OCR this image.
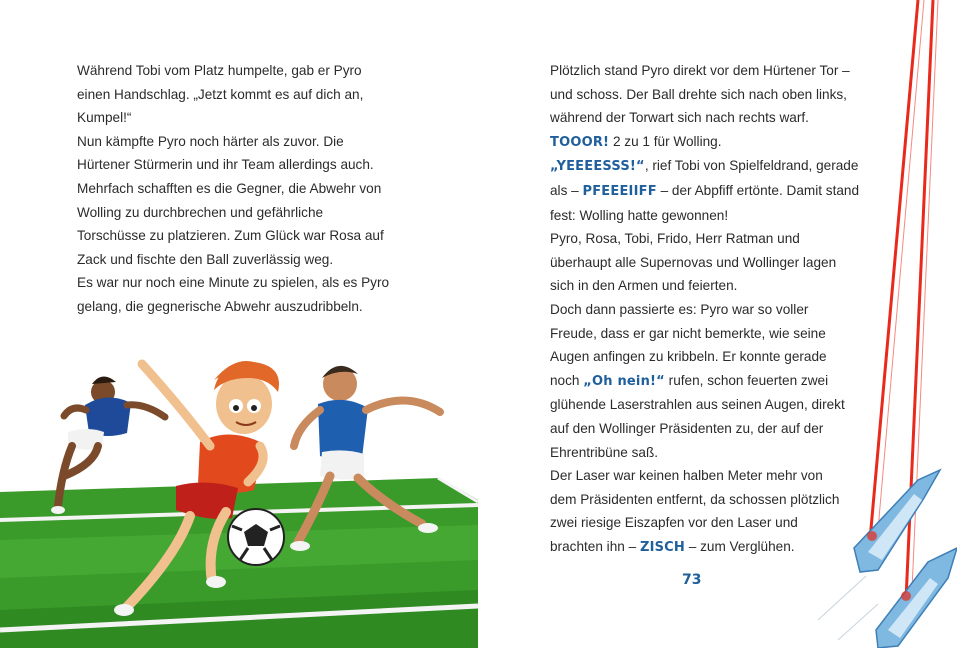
Während Tobi vom Platz humpelte, gab er Pyro
einen Handschlag. „Jetzt kommt es auf dich an,
Kumpel!“
Nun kämpfte Pyro noch härter als zuvor. Die
Hürtener Stürmerin und ihr Team allerdings auch.
Mehrfach schafften es die Gegner, die Abwehr von
Wolling zu durchbrechen und gefährliche
Torschüsse zu platzieren. Zum Glück war Rosa auf
Zack und fischte den Ball zuverlässig weg.
Es war nur noch eine Minute zu spielen, als es Pyro
gelang, die gegnerische Abwehr auszudribbeln.
Plötzlich stand Pyro direkt vor dem Hürtener Tor –
und schoss. Der Ball drehte sich nach oben links,
während der Torwart sich nach rechts warf.
TOOOR! 2 zu 1 für Wolling.
„YEEEESSS!“, rief Tobi von Spielfeldrand, gerade
als – PFEEEIIFF – der Abpfiff ertönte. Damit stand
fest: Wolling hatte gewonnen!
Pyro, Rosa, Tobi, Frido, Herr Ratman und
überhaupt alle Supernovas und Wollinger lagen
sich in den Armen und feierten.
Doch dann passierte es: Pyro war so voller
Freude, dass er gar nicht bemerkte, wie seine
Augen anfingen zu kribbeln. Er konnte gerade
noch „Oh nein!“ rufen, schon feuerten zwei
glühende Laserstrahlen aus seinen Augen, direkt
auf den Wollinger Präsidenten zu, der auf der
Ehrentribüne saß.
Der Laser war keinen halben Meter mehr von
dem Präsidenten entfernt, da schossen plötzlich
zwei riesige Eiszapfen vor den Laser und
brachten ihn – ZISCH – zum Verglühen.
73
